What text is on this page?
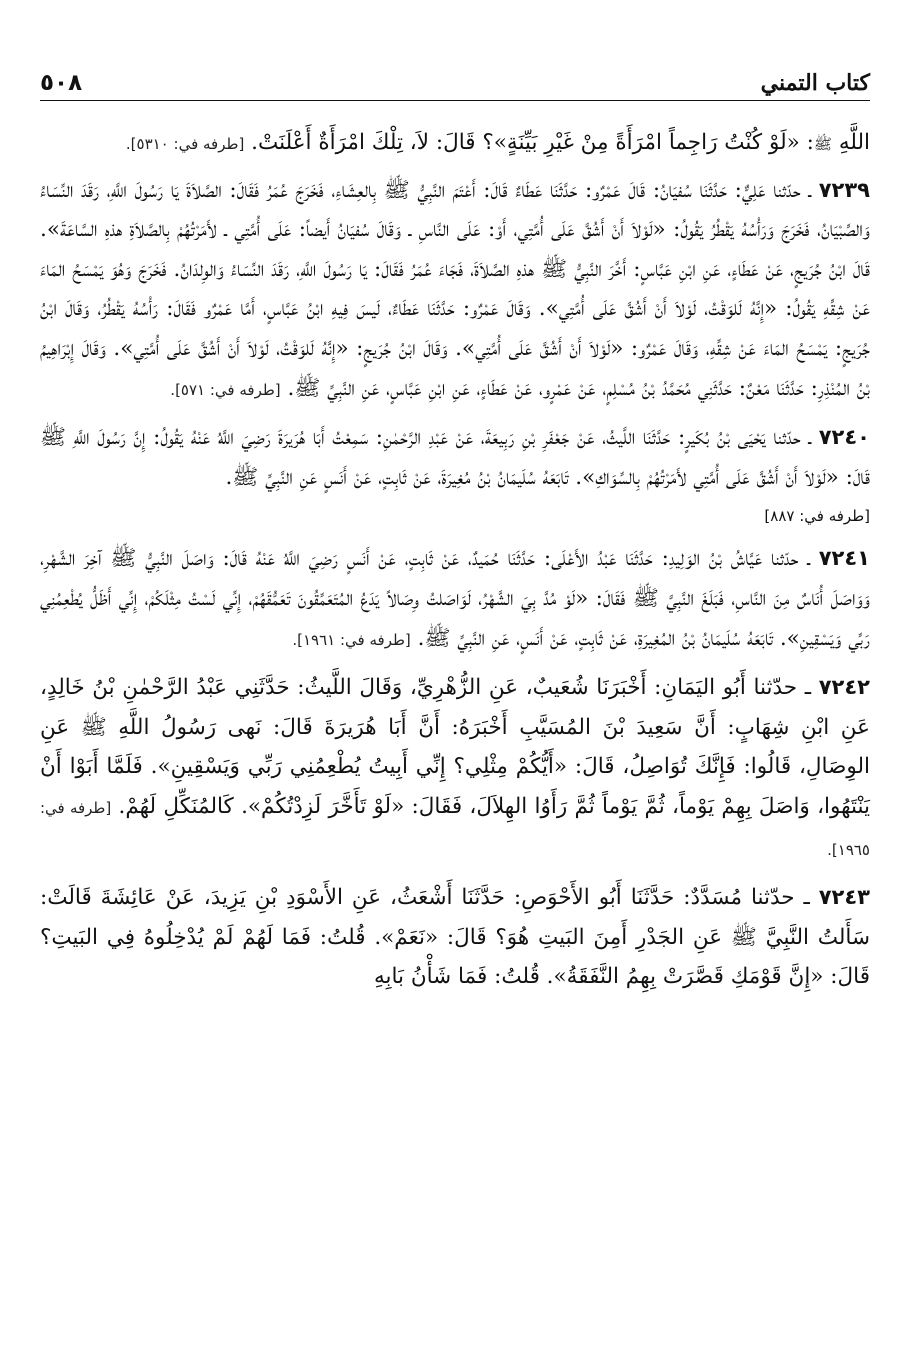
٥٠٨	كتاب التمني

اللَّهِ ﷺ: «لَوْ كُنْتُ رَاجِماً امْرَأَةً مِنْ غَيْرِ بَيِّنَةٍ»؟ قَالَ: لاَ، تِلْكَ امْرَأَةٌ أَعْلَنَتْ. [طرفه في: ٥٣١٠].

٧٢٣٩ ـ حدّثنا عَلِيٌّ: حَدَّثَنَا سُفيَانُ: قَالَ عَمْرٌو: حَدَّثَنَا عَطَاءٌ قَالَ: أَعْتَمَ النَّبِيُّ ﷺ بِالعِشَاءِ، فَخَرَجَ عُمَرُ فَقَالَ: الصَّلاَةَ يَا رَسُولَ اللَّهِ، رَقَدَ النِّسَاءُ وَالصِّبْيَانُ، فَخَرَجَ وَرَأْسُهُ يَقْطُرُ يَقُولُ: «لَوْلاَ أَنْ أَشُقَّ عَلَى أُمَّتِي، أَوْ: عَلَى النَّاسِ ـ وَقَالَ سُفيَانُ أَيضاً: عَلَى أُمَّتِي ـ لأَمَرْتُهُمْ بِالصَّلاَةِ هذهِ السَّاعَةَ». قَالَ ابْنُ جُرَيجٍ، عَنْ عَطَاءٍ، عَنِ ابْنِ عَبَّاسٍ: أَخَّرَ النَّبِيُّ ﷺ هذهِ الصَّلاَةَ، فَجَاءَ عُمَرُ فَقَالَ: يَا رَسُولَ اللَّهِ، رَقَدَ النِّسَاءُ وَالوِلدَانُ. فَخَرَجَ وَهُوَ يَمْسَحُ المَاءَ عَنْ شِقِّهِ يَقُولُ: «إِنَّهُ لَلوَقْتُ، لَوْلاَ أَنْ أَشُقَّ عَلَى أُمَّتِي». وَقَالَ عَمْرٌو: حَدَّثَنَا عَطَاءٌ، لَيسَ فِيهِ ابْنُ عَبَّاسٍ، أَمَّا عَمْرٌو فَقَالَ: رَأْسُهُ يَقْطُرُ، وَقَالَ ابْنُ جُرَيجٍ: يَمْسَحُ المَاءَ عَنْ شِقِّهِ، وَقَالَ عَمْرٌو: «لَوْلاَ أَنْ أَشُقَّ عَلَى أُمَّتِي». وَقَالَ ابْنُ جُرَيجٍ: «إِنَّهُ لَلوَقْتُ، لَوْلاَ أَنْ أَشُقَّ عَلَى أُمَّتِي». وَقَالَ إِبْرَاهِيمُ بْنُ المُنْذِرِ: حَدَّثَنَا مَعْنٌ: حَدَّثَنِي مُحَمَّدُ بْنُ مُسْلِمٍ، عَنْ عَمْرٍو، عَنْ عَطَاءٍ، عَنِ ابْنِ عَبَّاسٍ، عَنِ النَّبِيِّ ﷺ. [طرفه في: ٥٧١].

٧٢٤٠ ـ حدّثنا يَحْيَى بْنُ بُكَيرٍ: حَدَّثَنَا اللَّيثُ، عَنْ جَعْفَرِ بْنِ رَبِيعَةَ، عَنْ عَبْدِ الرَّحْمٰنِ: سَمِعْتُ أَبَا هُرَيرَةَ رَضِيَ اللَّهُ عَنْهُ يَقُولُ: إِنَّ رَسُولَ اللَّهِ ﷺ قَالَ: «لَوْلاَ أَنْ أَشُقَّ عَلَى أُمَّتِي لأَمَرْتُهُمْ بِالسِّوَاكِ». تَابَعَهُ سُلَيمَانُ بْنُ مُغِيرَةَ، عَنْ ثَابِتٍ، عَنْ أَنَسٍ عَنِ النَّبِيِّ ﷺ.

[طرفه في: ٨٨٧]

٧٢٤١ ـ حدّثنا عَيَّاشُ بْنُ الوَلِيدِ: حَدَّثَنَا عَبْدُ الأَعْلَى: حَدَّثَنَا حُمَيدٌ، عَنْ ثَابِتٍ، عَنْ أَنَسٍ رَضِيَ اللَّهُ عَنْهُ قَالَ: وَاصَلَ النَّبِيُّ ﷺ آخِرَ الشَّهْرِ، وَوَاصَلَ أُنَاسٌ مِنَ النَّاسِ، فَبَلَغَ النَّبِيَّ ﷺ فَقَالَ: «لَوْ مُدَّ بِيَ الشَّهْرُ، لَوَاصَلتُ وِصَالاً يَدَعُ المُتَعَمِّقُونَ تَعَمُّقَهُمْ، إِنِّي لَسْتُ مِثْلَكُمْ، إِنِّي أَظَلُّ يُطْعِمُنِي رَبِّي وَيَسْقِينِ». تَابَعَهُ سُلَيمَانُ بْنُ المُغِيرَةِ، عَنْ ثَابِتٍ، عَنْ أَنَسٍ، عَنِ النَّبِيِّ ﷺ. [طرفه في: ١٩٦١].

٧٢٤٢ ـ حدّثنا أَبُو اليَمَانِ: أَخْبَرَنَا شُعَيبٌ، عَنِ الزُّهْرِيِّ، وَقَالَ اللَّيثُ: حَدَّثَنِي عَبْدُ الرَّحْمٰنِ بْنُ خَالِدٍ، عَنِ ابْنِ شِهَابٍ: أَنَّ سَعِيدَ بْنَ المُسَيَّبِ أَخْبَرَهُ: أَنَّ أَبَا هُرَيرَةَ قَالَ: نَهى رَسُولُ اللَّهِ ﷺ عَنِ الوِصَالِ، قَالُوا: فَإِنَّكَ تُوَاصِلُ، قَالَ: «أَيُّكُمْ مِثْلِي؟ إِنِّي أَبِيتُ يُطْعِمُنِي رَبِّي وَيَسْقِينِ». فَلَمَّا أَبَوْا أَنْ يَنْتَهُوا، وَاصَلَ بِهِمْ يَوْماً، ثُمَّ يَوْماً ثُمَّ رَأَوُا الهِلاَلَ، فَقَالَ: «لَوْ تَأَخَّرَ لَزِدْتُكُمْ». كَالمُنَكِّلِ لَهُمْ. [طرفه في: ١٩٦٥].

٧٢٤٣ ـ حدّثنا مُسَدَّدٌ: حَدَّثَنَا أَبُو الأَحْوَصِ: حَدَّثَنَا أَشْعَثُ، عَنِ الأَسْوَدِ بْنِ يَزِيدَ، عَنْ عَائِشَةَ قَالَتْ: سَأَلتُ النَّبِيَّ ﷺ عَنِ الجَدْرِ أَمِنَ البَيتِ هُوَ؟ قَالَ: «نَعَمْ». قُلتُ: فَمَا لَهُمْ لَمْ يُدْخِلُوهُ فِي البَيتِ؟ قَالَ: «إِنَّ قَوْمَكِ قَصَّرَتْ بِهِمُ النَّفَقَةُ». قُلتُ: فَمَا شَأْنُ بَابِهِ
